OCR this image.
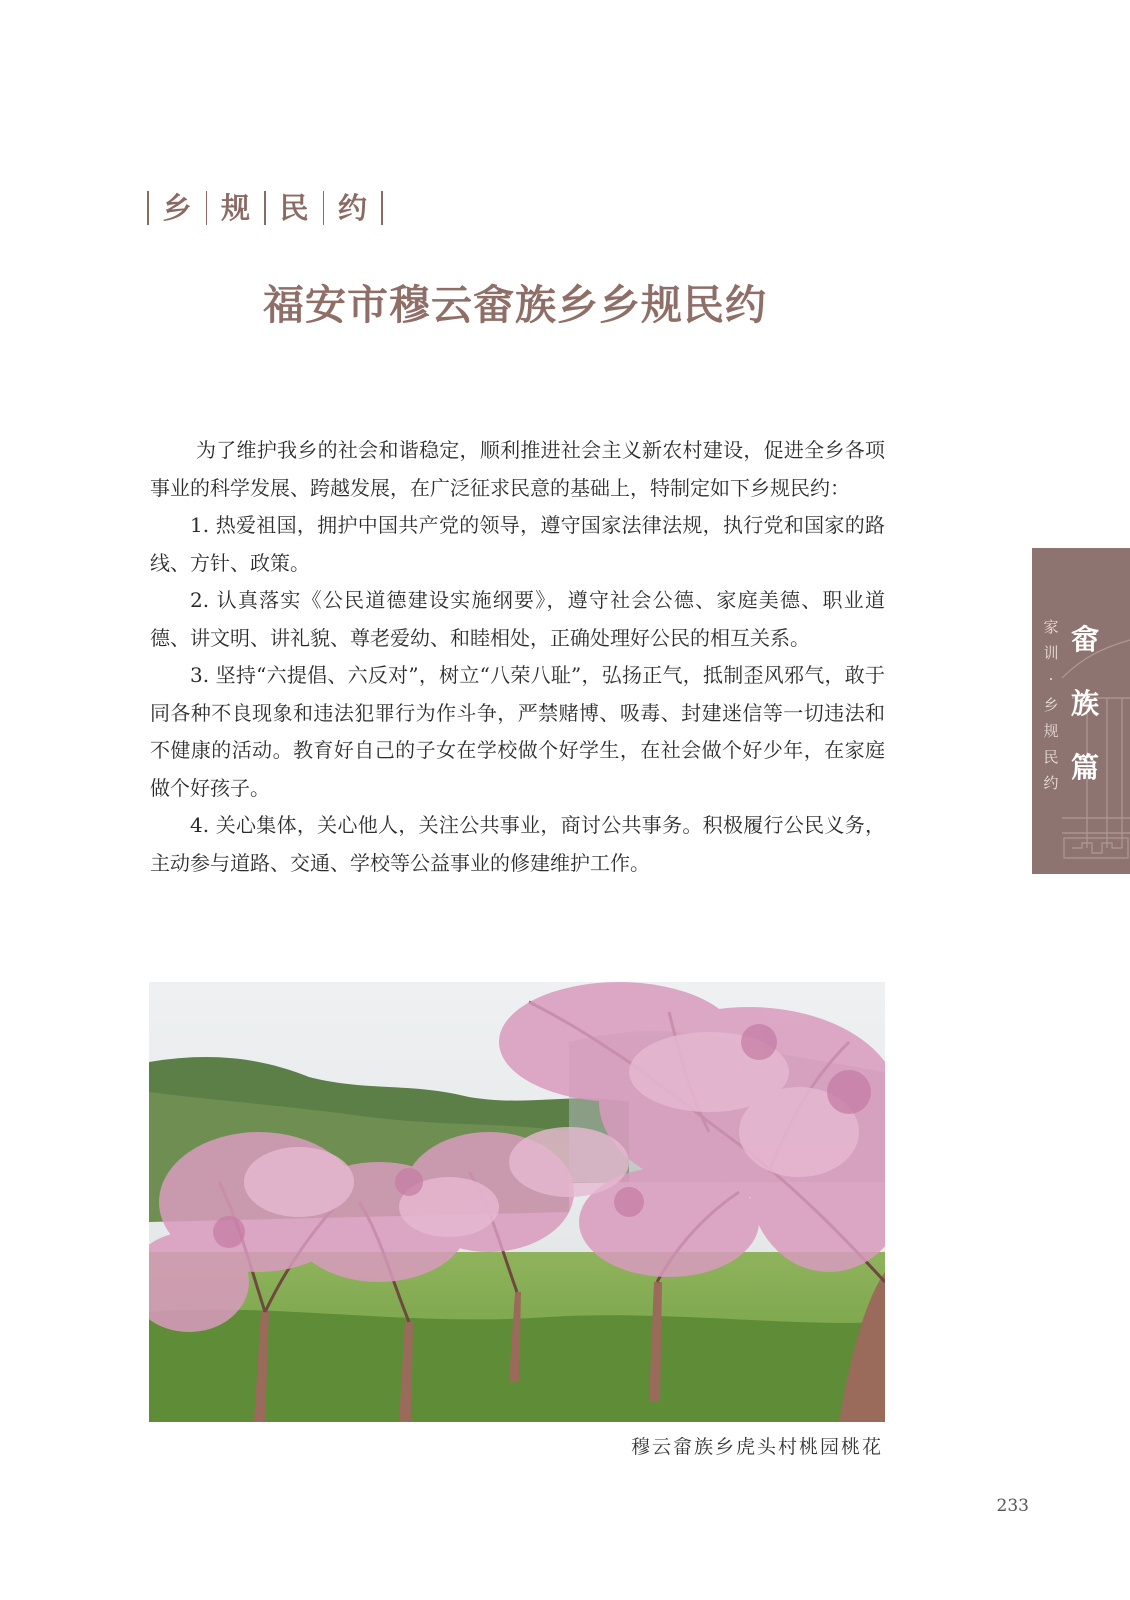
乡	规	民	约
福安市穆云畲族乡乡规民约

为了维护我乡的社会和谐稳定，顺利推进社会主义新农村建设，促进全乡各项事业的科学发展、跨越发展，在广泛征求民意的基础上，特制定如下乡规民约：

1. 热爱祖国，拥护中国共产党的领导，遵守国家法律法规，执行党和国家的路线、方针、政策。

2. 认真落实《公民道德建设实施纲要》，遵守社会公德、家庭美德、职业道德、讲文明、讲礼貌、尊老爱幼、和睦相处，正确处理好公民的相互关系。

3. 坚持“六提倡、六反对”，树立“八荣八耻”，弘扬正气，抵制歪风邪气，敢于同各种不良现象和违法犯罪行为作斗争，严禁赌博、吸毒、封建迷信等一切违法和不健康的活动。教育好自己的子女在学校做个好学生，在社会做个好少年，在家庭做个好孩子。

4. 关心集体，关心他人，关注公共事业，商讨公共事务。积极履行公民义务，主动参与道路、交通、学校等公益事业的修建维护工作。

穆云畲族乡虎头村桃园桃花
233
家
训
·
乡
规
民
约
畲
族
篇
